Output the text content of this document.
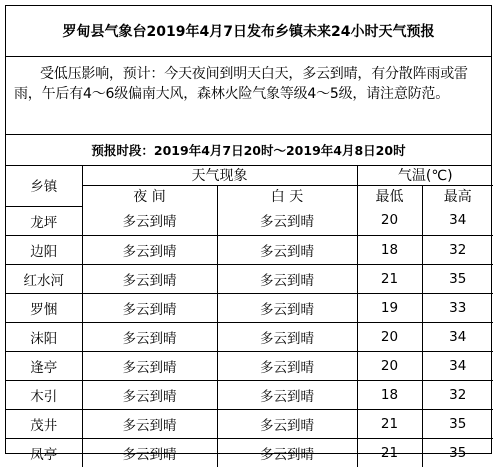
罗甸县气象台2019年4月7日发布乡镇未来24小时天气预报
受低压影响，预计：今天夜间到明天白天，多云到晴，有分散阵雨或雷雨，午后有4～6级偏南大风，森林火险气象等级4～5级，请注意防范。
预报时段：2019年4月7日20时～2019年4月8日20时
乡镇	天气现象		气温(℃)	
	夜 间	白 天	最低	最高
龙坪	多云到晴	多云到晴	20	34
边阳	多云到晴	多云到晴	18	32
红水河	多云到晴	多云到晴	21	35
罗悃	多云到晴	多云到晴	19	33
沫阳	多云到晴	多云到晴	20	34
逢亭	多云到晴	多云到晴	20	34
木引	多云到晴	多云到晴	18	32
茂井	多云到晴	多云到晴	21	35
凤亭	多云到晴	多云到晴	21	35
